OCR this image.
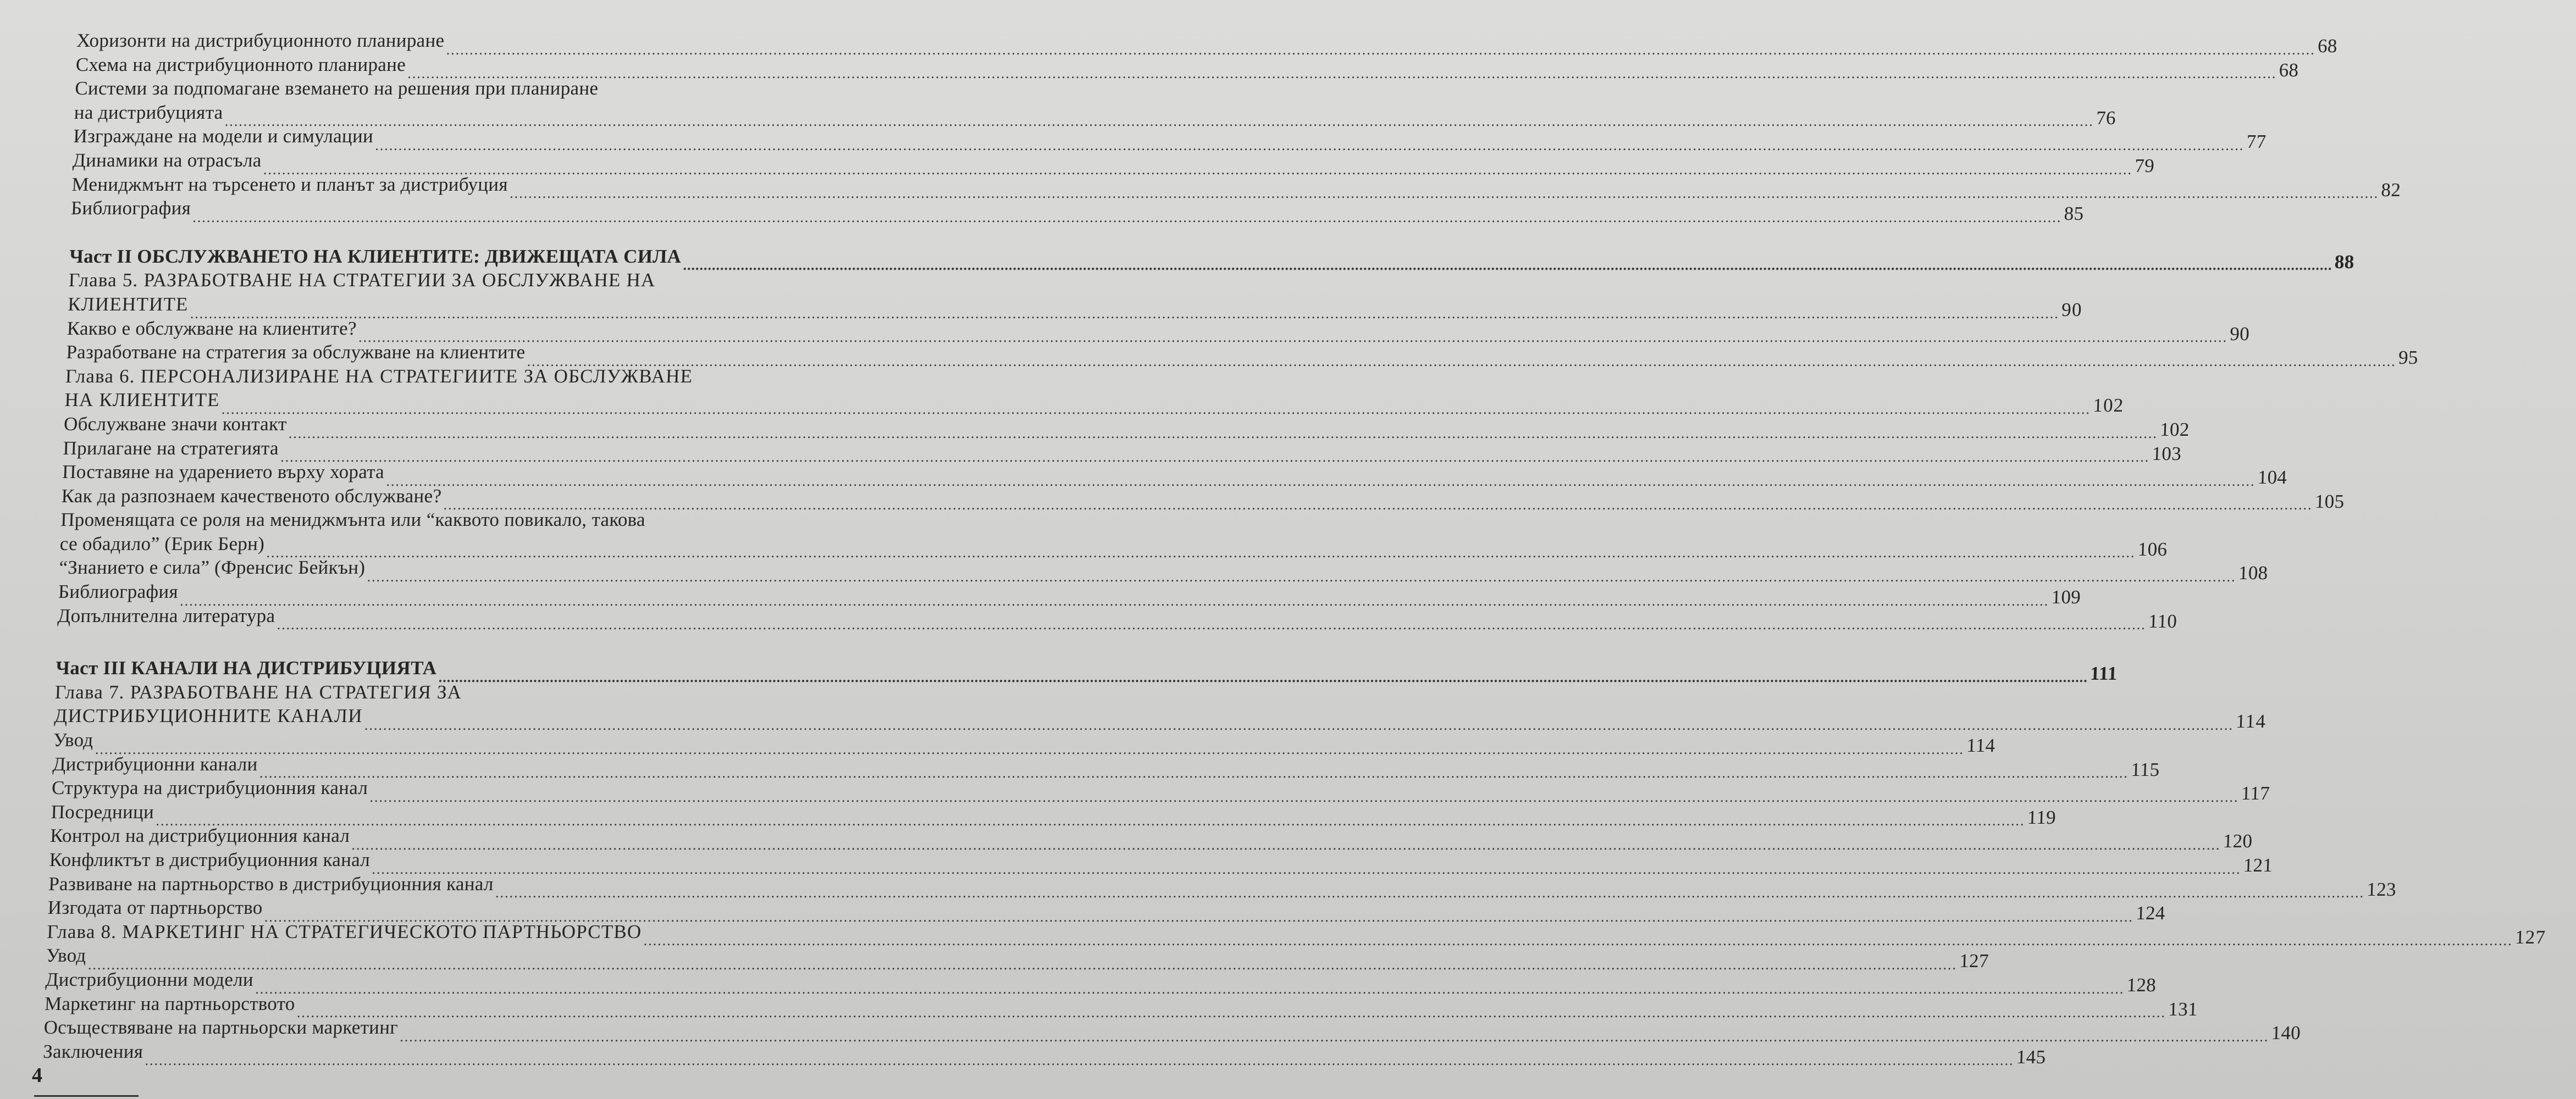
Хоризонти на дистрибуционното планиране ................................................................................................................................................................................................................................................................................................................................................................................................................ 68
Схема на дистрибуционното планиране ................................................................................................................................................................................................................................................................................................................................................................................................................ 68
Системи за подпомагане вземането на решения при планиране
на дистрибуцията ................................................................................................................................................................................................................................................................................................................................................................................................................ 76
Изграждане на модели и симулации ................................................................................................................................................................................................................................................................................................................................................................................................................ 77
Динамики на отрасъла ................................................................................................................................................................................................................................................................................................................................................................................................................ 79
Мениджмънт на търсенето и планът за дистрибуция ................................................................................................................................................................................................................................................................................................................................................................................................................ 82
Библиография ................................................................................................................................................................................................................................................................................................................................................................................................................ 85
Част II ОБСЛУЖВАНЕТО НА КЛИЕНТИТЕ: ДВИЖЕЩАТА СИЛА ................................................................................................................................................................................................................................................................................................................................................................................................................ 88
Глава 5. РАЗРАБОТВАНЕ НА СТРАТЕГИИ ЗА ОБСЛУЖВАНЕ НА
КЛИЕНТИТЕ ................................................................................................................................................................................................................................................................................................................................................................................................................ 90
Какво е обслужване на клиентите? ................................................................................................................................................................................................................................................................................................................................................................................................................ 90
Разработване на стратегия за обслужване на клиентите ................................................................................................................................................................................................................................................................................................................................................................................................................ 95
Глава 6. ПЕРСОНАЛИЗИРАНЕ НА СТРАТЕГИИТЕ ЗА ОБСЛУЖВАНЕ
НА КЛИЕНТИТЕ ................................................................................................................................................................................................................................................................................................................................................................................................................ 102
Обслужване значи контакт ................................................................................................................................................................................................................................................................................................................................................................................................................ 102
Прилагане на стратегията ................................................................................................................................................................................................................................................................................................................................................................................................................ 103
Поставяне на ударението върху хората ................................................................................................................................................................................................................................................................................................................................................................................................................ 104
Как да разпознаем качественото обслужване? ................................................................................................................................................................................................................................................................................................................................................................................................................ 105
Променящата се роля на мениджмънта или “каквото повикало, такова
се обадило” (Ерик Берн) ................................................................................................................................................................................................................................................................................................................................................................................................................ 106
“Знанието е сила” (Френсис Бейкън) ................................................................................................................................................................................................................................................................................................................................................................................................................ 108
Библиография ................................................................................................................................................................................................................................................................................................................................................................................................................ 109
Допълнителна литература ................................................................................................................................................................................................................................................................................................................................................................................................................ 110
Част III КАНАЛИ НА ДИСТРИБУЦИЯТА ................................................................................................................................................................................................................................................................................................................................................................................................................ 111
Глава 7. РАЗРАБОТВАНЕ НА СТРАТЕГИЯ ЗА
ДИСТРИБУЦИОННИТЕ КАНАЛИ ................................................................................................................................................................................................................................................................................................................................................................................................................ 114
Увод ................................................................................................................................................................................................................................................................................................................................................................................................................ 114
Дистрибуционни канали ................................................................................................................................................................................................................................................................................................................................................................................................................ 115
Структура на дистрибуционния канал ................................................................................................................................................................................................................................................................................................................................................................................................................ 117
Посредници ................................................................................................................................................................................................................................................................................................................................................................................................................ 119
Контрол на дистрибуционния канал ................................................................................................................................................................................................................................................................................................................................................................................................................ 120
Конфликтът в дистрибуционния канал ................................................................................................................................................................................................................................................................................................................................................................................................................ 121
Развиване на партньорство в дистрибуционния канал ................................................................................................................................................................................................................................................................................................................................................................................................................ 123
Изгодата от партньорство ................................................................................................................................................................................................................................................................................................................................................................................................................ 124
Глава 8. МАРКЕТИНГ НА СТРАТЕГИЧЕСКОТО ПАРТНЬОРСТВО ................................................................................................................................................................................................................................................................................................................................................................................................................ 127
Увод ................................................................................................................................................................................................................................................................................................................................................................................................................ 127
Дистрибуционни модели ................................................................................................................................................................................................................................................................................................................................................................................................................ 128
Маркетинг на партньорството ................................................................................................................................................................................................................................................................................................................................................................................................................ 131
Осъществяване на партньорски маркетинг ................................................................................................................................................................................................................................................................................................................................................................................................................ 140
Заключения ................................................................................................................................................................................................................................................................................................................................................................................................................ 145
4
